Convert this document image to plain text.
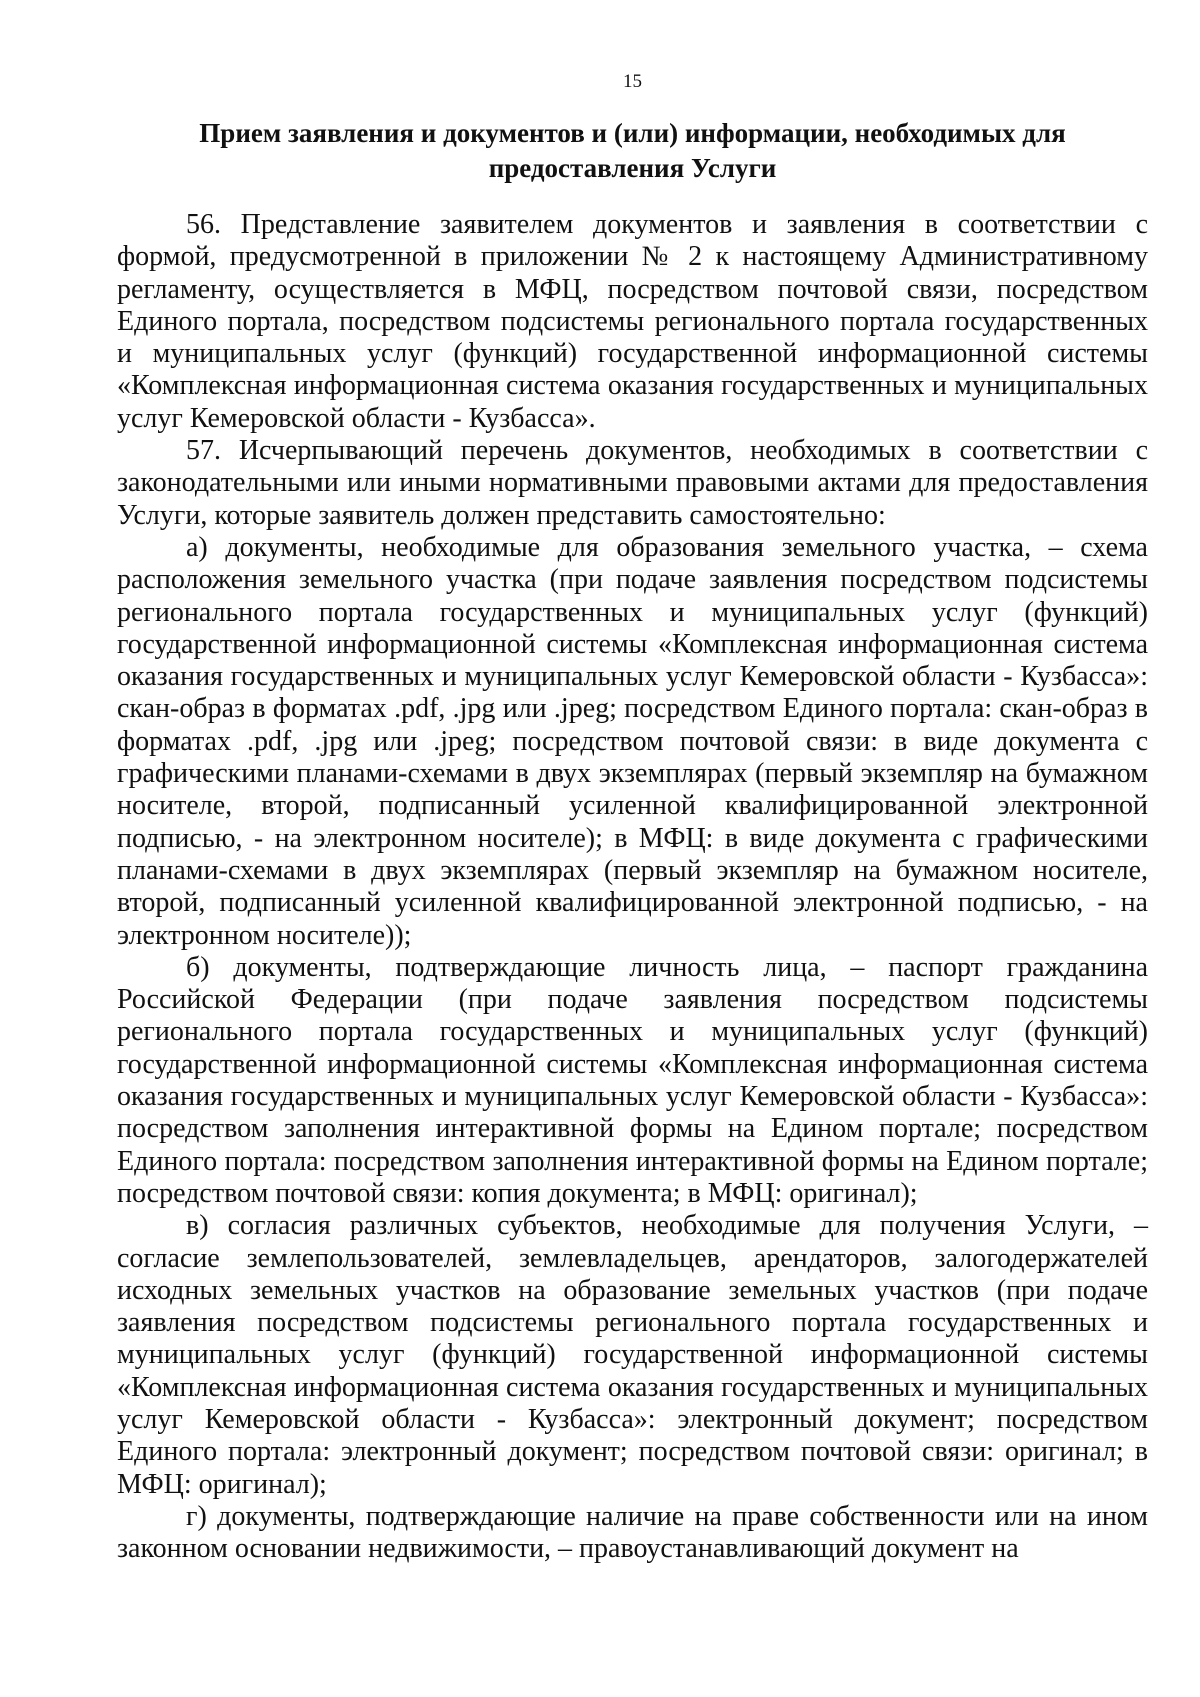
15
Прием заявления и документов и (или) информации, необходимых для предоставления Услуги

56. Представление заявителем документов и заявления в соответствии с формой, предусмотренной в приложении № 2 к настоящему Административному регламенту, осуществляется в МФЦ, посредством почтовой связи, посредством Единого портала, посредством подсистемы регионального портала государственных и муниципальных услуг (функций) государственной информационной системы «Комплексная информационная система оказания государственных и муниципальных услуг Кемеровской области - Кузбасса».

57. Исчерпывающий перечень документов, необходимых в соответствии с законодательными или иными нормативными правовыми актами для предоставления Услуги, которые заявитель должен представить самостоятельно:

а) документы, необходимые для образования земельного участка, – схема расположения земельного участка (при подаче заявления посредством подсистемы регионального портала государственных и муниципальных услуг (функций) государственной информационной системы «Комплексная информационная система оказания государственных и муниципальных услуг Кемеровской области - Кузбасса»: скан-образ в форматах .pdf, .jpg или .jpeg; посредством Единого портала: скан-образ в форматах .pdf, .jpg или .jpeg; посредством почтовой связи: в виде документа с графическими планами-схемами в двух экземплярах (первый экземпляр на бумажном носителе, второй, подписанный усиленной квалифицированной электронной подписью, - на электронном носителе); в МФЦ: в виде документа с графическими планами-схемами в двух экземплярах (первый экземпляр на бумажном носителе, второй, подписанный усиленной квалифицированной электронной подписью, - на электронном носителе));

б) документы, подтверждающие личность лица, – паспорт гражданина Российской Федерации (при подаче заявления посредством подсистемы регионального портала государственных и муниципальных услуг (функций) государственной информационной системы «Комплексная информационная система оказания государственных и муниципальных услуг Кемеровской области - Кузбасса»: посредством заполнения интерактивной формы на Едином портале; посредством Единого портала: посредством заполнения интерактивной формы на Едином портале; посредством почтовой связи: копия документа; в МФЦ: оригинал);

в) согласия различных субъектов, необходимые для получения Услуги, – согласие землепользователей, землевладельцев, арендаторов, залогодержателей исходных земельных участков на образование земельных участков (при подаче заявления посредством подсистемы регионального портала государственных и муниципальных услуг (функций) государственной информационной системы «Комплексная информационная система оказания государственных и муниципальных услуг Кемеровской области - Кузбасса»: электронный документ; посредством Единого портала: электронный документ; посредством почтовой связи: оригинал; в МФЦ: оригинал);

г) документы, подтверждающие наличие на праве собственности или на ином законном основании недвижимости, – правоустанавливающий документ на
